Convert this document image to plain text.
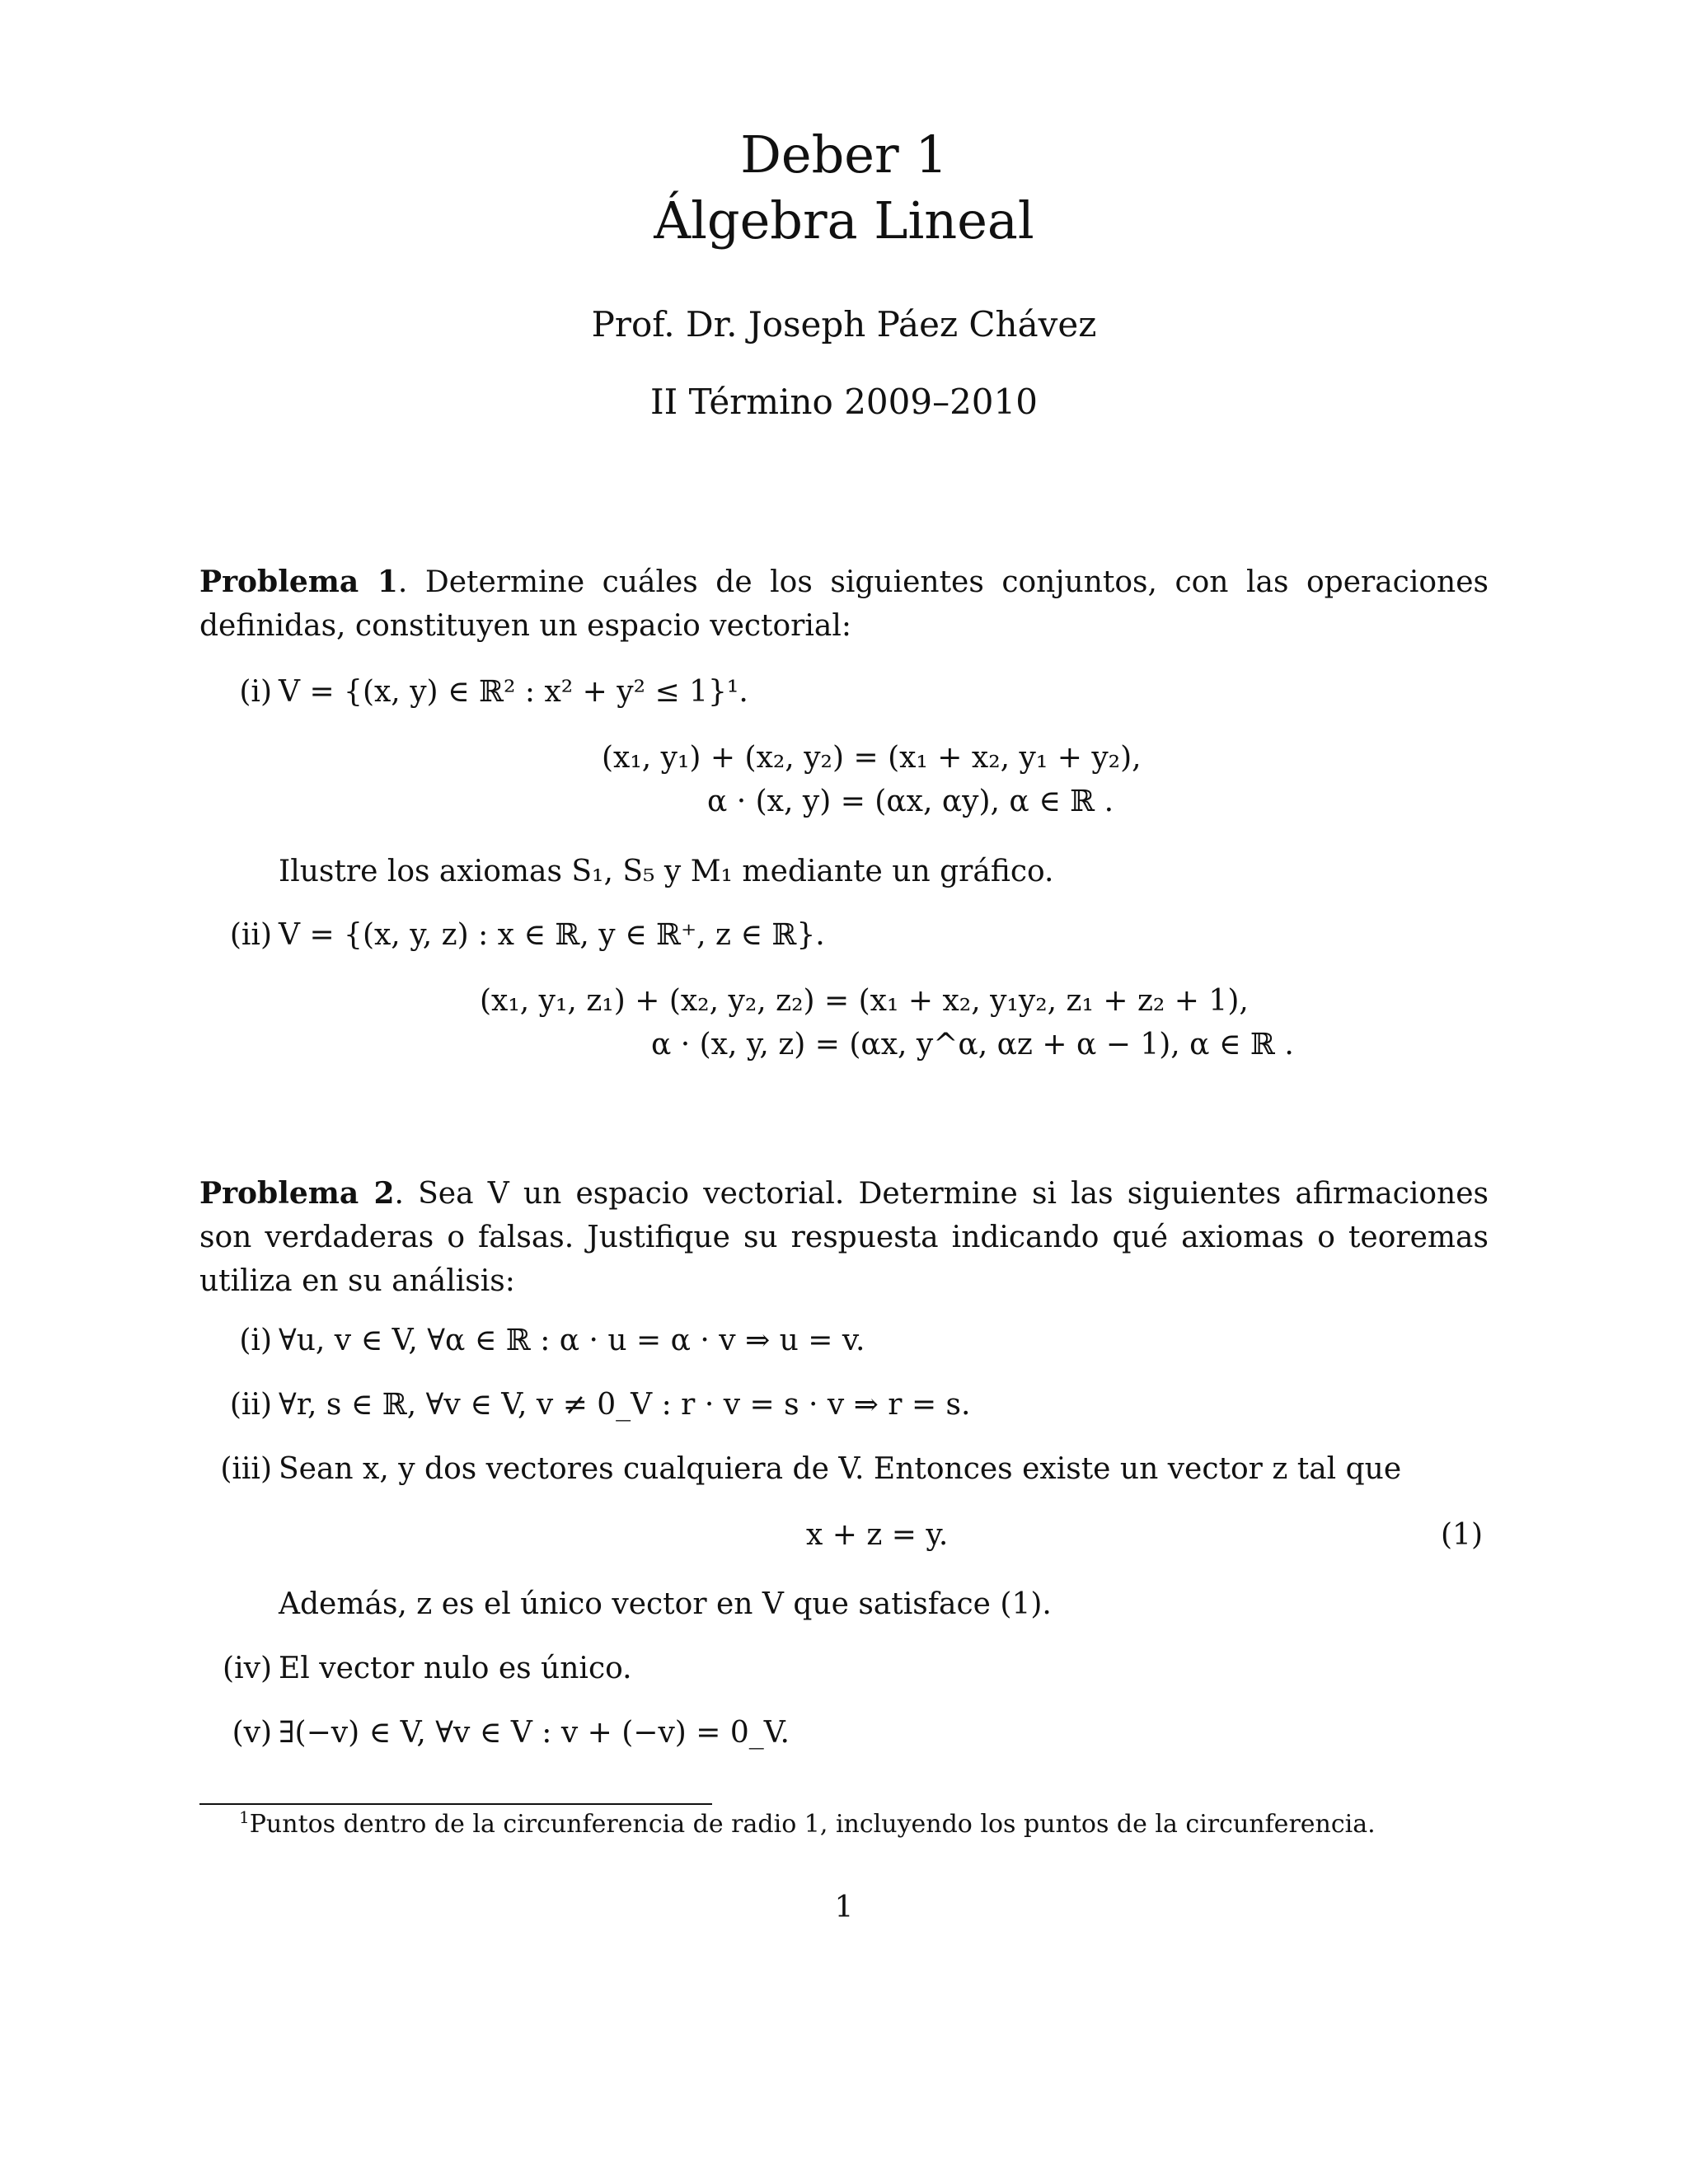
Deber 1
Álgebra Lineal
Prof. Dr. Joseph Páez Chávez
II Término 2009–2010
Problema 1. Determine cuáles de los siguientes conjuntos, con las operaciones definidas, constituyen un espacio vectorial:
(i) V = {(x, y) ∈ ℝ² : x² + y² ≤ 1}¹.
(x₁, y₁) + (x₂, y₂) = (x₁ + x₂, y₁ + y₂),
α · (x, y) = (αx, αy), α ∈ ℝ .
Ilustre los axiomas S₁, S₅ y M₁ mediante un gráfico.
(ii) V = {(x, y, z) : x ∈ ℝ, y ∈ ℝ⁺, z ∈ ℝ}.
(x₁, y₁, z₁) + (x₂, y₂, z₂) = (x₁ + x₂, y₁y₂, z₁ + z₂ + 1),
α · (x, y, z) = (αx, y^α, αz + α − 1), α ∈ ℝ .
Problema 2. Sea V un espacio vectorial. Determine si las siguientes afirmaciones son verdaderas o falsas. Justifique su respuesta indicando qué axiomas o teoremas utiliza en su análisis:
(i) ∀u, v ∈ V, ∀α ∈ ℝ : α · u = α · v ⇒ u = v.
(ii) ∀r, s ∈ ℝ, ∀v ∈ V, v ≠ 0_V : r · v = s · v ⇒ r = s.
(iii) Sean x, y dos vectores cualquiera de V. Entonces existe un vector z tal que
x + z = y.	(1)
Además, z es el único vector en V que satisface (1).
(iv) El vector nulo es único.
(v) ∃(−v) ∈ V, ∀v ∈ V : v + (−v) = 0_V.
$^1$Puntos dentro de la circunferencia de radio 1, incluyendo los puntos de la circunferencia.
1
